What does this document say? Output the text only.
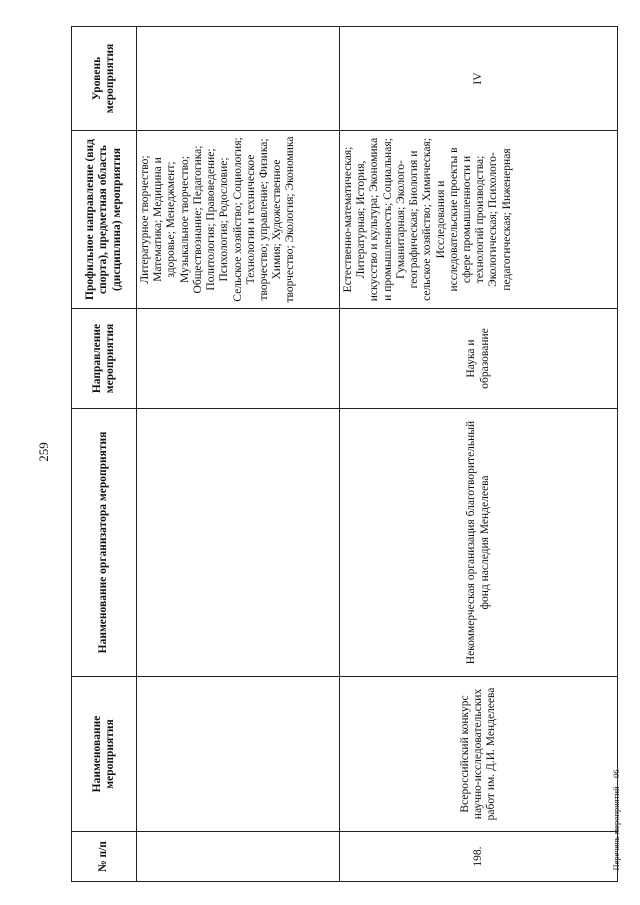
259
Перечень мероприятий – 06
№ п/п	Наименование мероприятия	Наименование организатора мероприятия	Направление мероприятия	Профильное направление (вид спорта), предметная область (дисциплина) мероприятия	Уровень мероприятия
				Литературное творчество; Математика; Медицина и здоровье; Менеджмент; Музыкальное творчество; Обществознание; Педагогика; Политология; Правоведение; Психология; Родословие; Сельское хозяйство; Социология; Технологии и техническое творчество; управление; Физика; Химия; Художественное творчество; Экология; Экономика	
198.	Всероссийский конкурс научно-исследовательских работ им. Д.И. Менделеева	Некоммерческая организация благотворительный фонд наследия Менделеева	Наука и образование	Естественно-математическая; Литературная; История, искусство и культура; Экономика и промышленность; Социальная; Гуманитарная; Эколого-географическая; Биология и сельское хозяйство; Химическая; Исследования и исследовательские проекты в сфере промышленности и технологий производства; Экологическая; Психолого-педагогическая; Инженерная	IV
